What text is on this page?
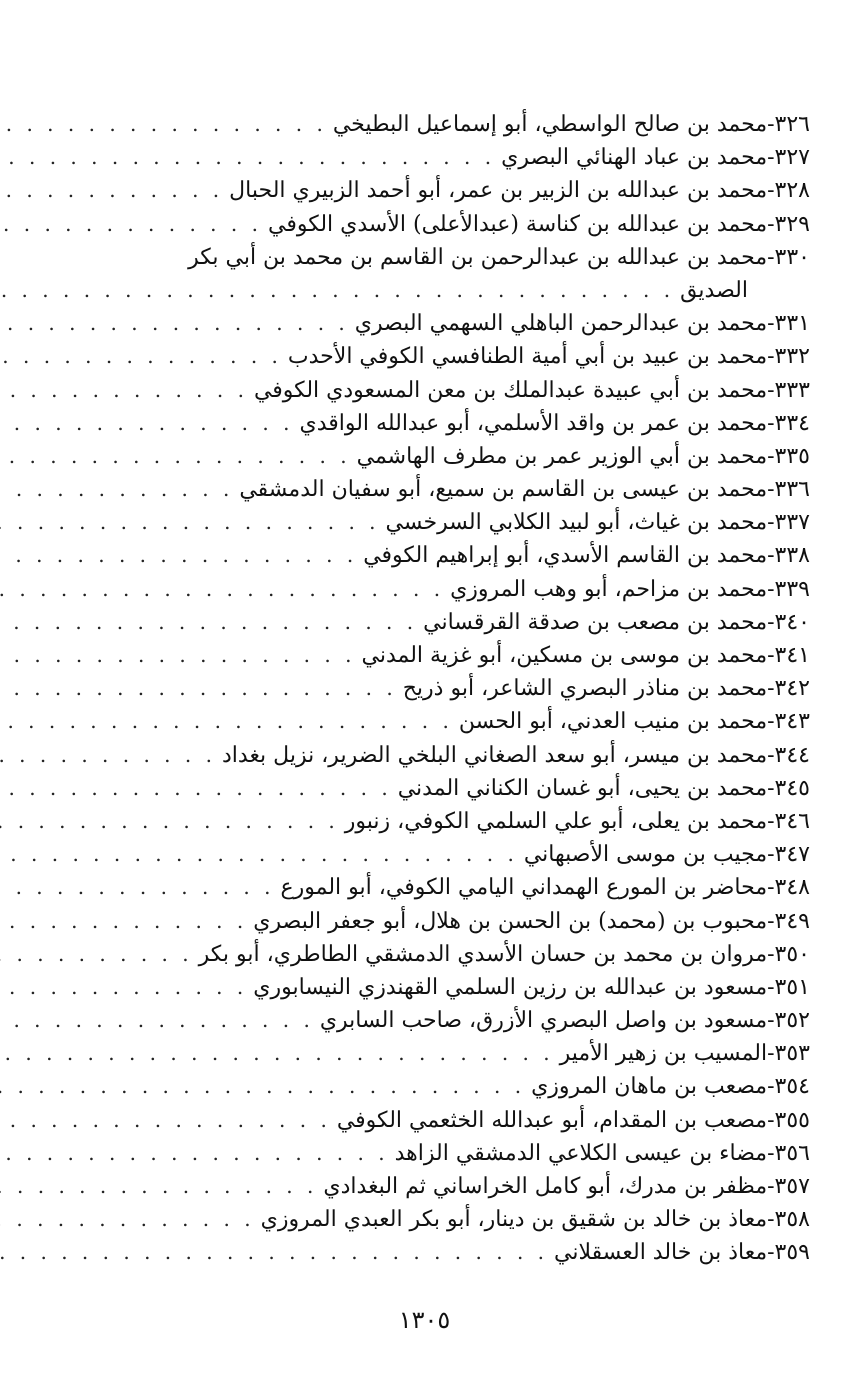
٣٢٦-
محمد بن صالح الواسطي، أبو إسماعيل البطيخي
. . .
٣٢٧-
محمد بن عباد الهنائي البصري
. . .
٣٢٨-
محمد بن عبدالله بن الزبير بن عمر، أبو أحمد الزبيري الحبال
. . .
٣٢٩-
محمد بن عبدالله بن كناسة (عبدالأعلى) الأسدي الكوفي
. . .
٣٣٠-
محمد بن عبدالله بن عبدالرحمن بن القاسم بن محمد بن أبي بكر
الصديق
. . .
٣٣١-
محمد بن عبدالرحمن الباهلي السهمي البصري
. . .
٣٣٢-
محمد بن عبيد بن أبي أمية الطنافسي الكوفي الأحدب
. . .
٣٣٣-
محمد بن أبي عبيدة عبدالملك بن معن المسعودي الكوفي
. . .
٣٣٤-
محمد بن عمر بن واقد الأسلمي، أبو عبدالله الواقدي
. . .
٣٣٥-
محمد بن أبي الوزير عمر بن مطرف الهاشمي
. . .
٣٣٦-
محمد بن عيسى بن القاسم بن سميع، أبو سفيان الدمشقي
. . .
٣٣٧-
محمد بن غياث، أبو لبيد الكلابي السرخسي
. . .
٣٣٨-
محمد بن القاسم الأسدي، أبو إبراهيم الكوفي
. . .
٣٣٩-
محمد بن مزاحم، أبو وهب المروزي
. . .
٣٤٠-
محمد بن مصعب بن صدقة القرقساني
. . .
٣٤١-
محمد بن موسى بن مسكين، أبو غزية المدني
. . .
٣٤٢-
محمد بن مناذر البصري الشاعر، أبو ذريح
. . .
٣٤٣-
محمد بن منيب العدني، أبو الحسن
. . .
٣٤٤-
محمد بن ميسر، أبو سعد الصغاني البلخي الضرير، نزيل بغداد
. . .
٣٤٥-
محمد بن يحيى، أبو غسان الكناني المدني
. . .
٣٤٦-
محمد بن يعلى، أبو علي السلمي الكوفي، زنبور
. . .
٣٤٧-
مجيب بن موسى الأصبهاني
. . .
٣٤٨-
محاضر بن المورع الهمداني اليامي الكوفي، أبو المورع
. . .
٣٤٩-
محبوب بن (محمد) بن الحسن بن هلال، أبو جعفر البصري
. . .
٣٥٠-
مروان بن محمد بن حسان الأسدي الدمشقي الطاطري، أبو بكر
. . .
٣٥١-
مسعود بن عبدالله بن رزين السلمي القهندزي النيسابوري
. . .
٣٥٢-
مسعود بن واصل البصري الأزرق، صاحب السابري
. . .
٣٥٣-
المسيب بن زهير الأمير
. . .
٣٥٤-
مصعب بن ماهان المروزي
. . .
٣٥٥-
مصعب بن المقدام، أبو عبدالله الخثعمي الكوفي
. . .
٣٥٦-
مضاء بن عيسى الكلاعي الدمشقي الزاهد
. . .
٣٥٧-
مظفر بن مدرك، أبو كامل الخراساني ثم البغدادي
. . .
٣٥٨-
معاذ بن خالد بن شقيق بن دينار، أبو بكر العبدي المروزي
. . .
٣٥٩-
معاذ بن خالد العسقلاني
. . .
١٣٠٥
